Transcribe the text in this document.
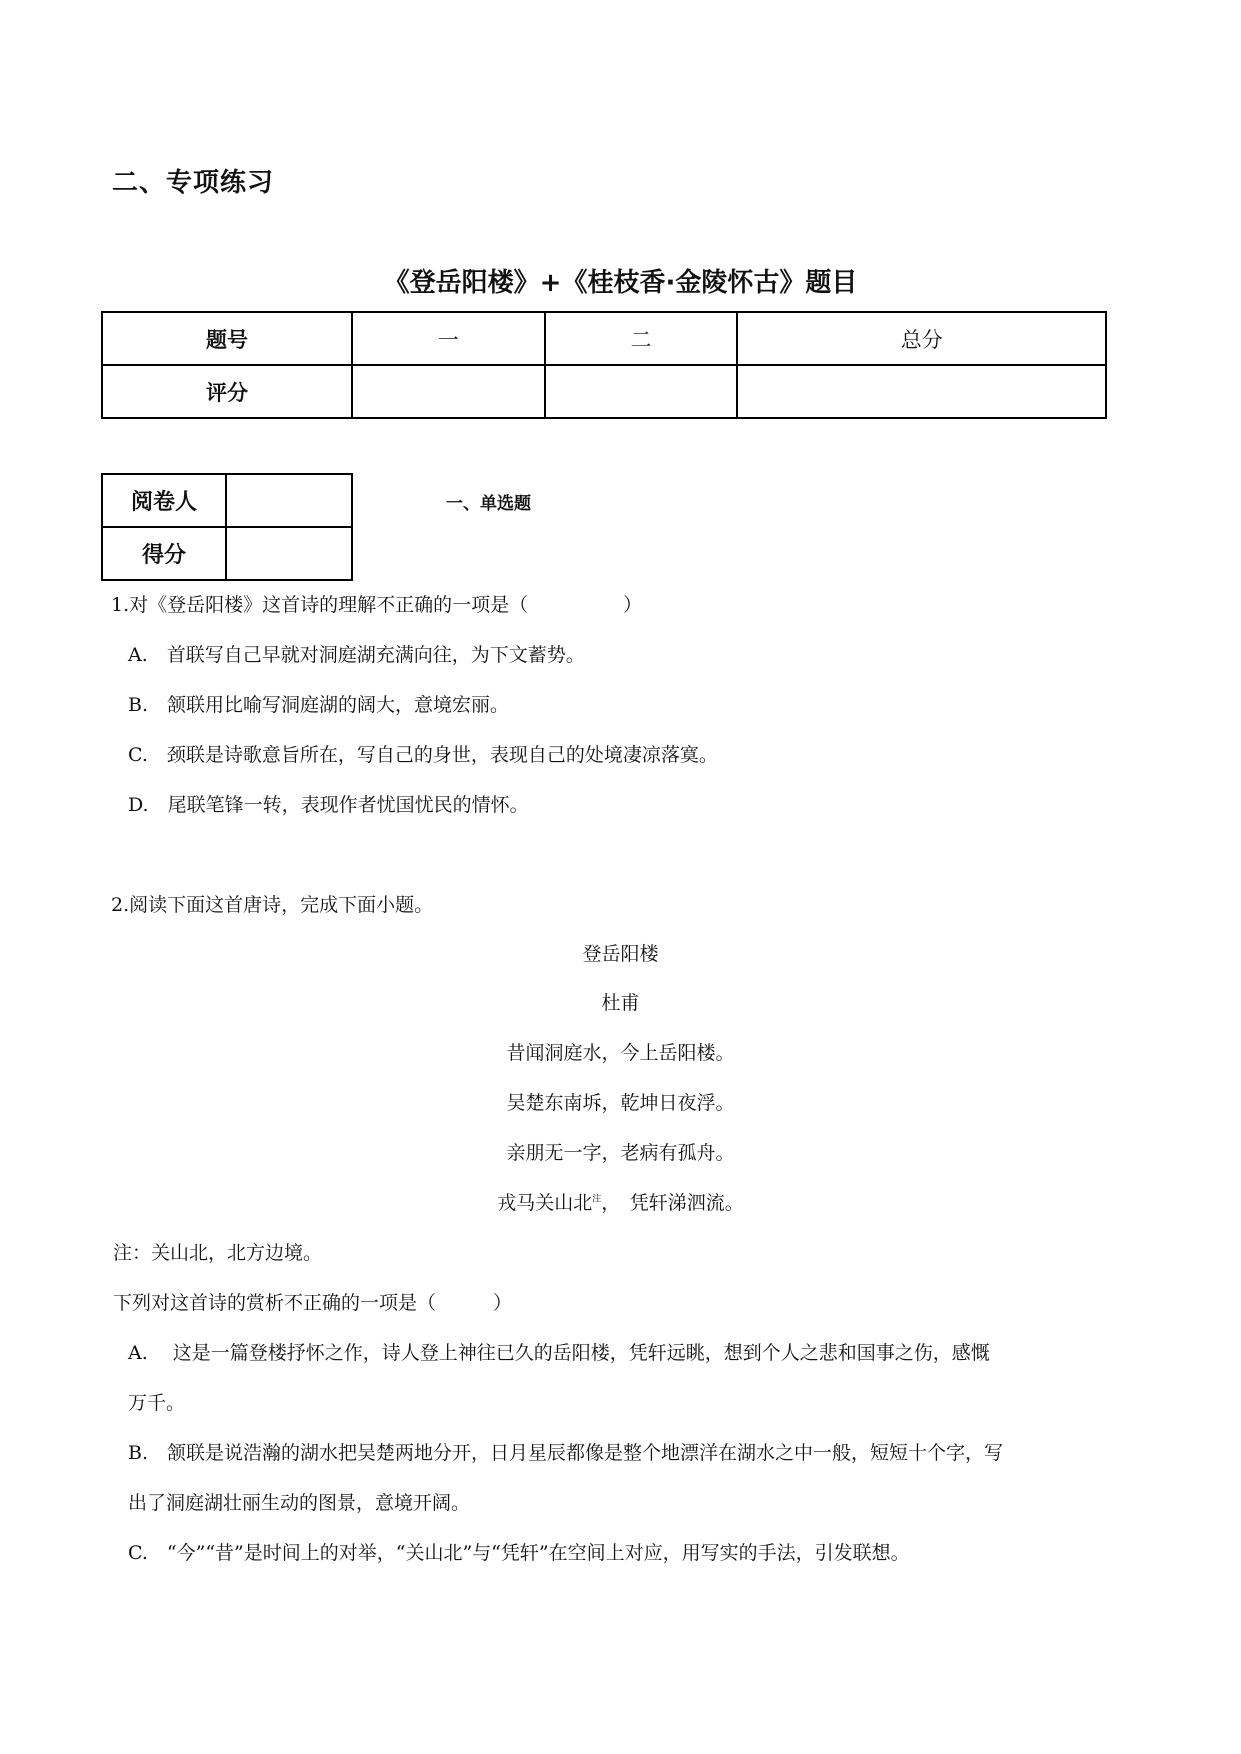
二、专项练习
《登岳阳楼》+《桂枝香·金陵怀古》题目
题号	一	二	总分
评分			
阅卷人	
得分	
一、单选题
1.对《登岳阳楼》这首诗的理解不正确的一项是（　　　　　）
A.　首联写自己早就对洞庭湖充满向往，为下文蓄势。
B.　颔联用比喻写洞庭湖的阔大，意境宏丽。
C.　颈联是诗歌意旨所在，写自己的身世，表现自己的处境凄凉落寞。
D.　尾联笔锋一转，表现作者忧国忧民的情怀。
2.阅读下面这首唐诗，完成下面小题。
登岳阳楼
杜甫
昔闻洞庭水，今上岳阳楼。
吴楚东南坼，乾坤日夜浮。
亲朋无一字，老病有孤舟。
戎马关山北$^注$，　凭轩涕泗流。
注：关山北，北方边境。
下列对这首诗的赏析不正确的一项是（　　　）
A.　 这是一篇登楼抒怀之作，诗人登上神往已久的岳阳楼，凭轩远眺，想到个人之悲和国事之伤，感慨
万千。
B.　颔联是说浩瀚的湖水把吴楚两地分开，日月星辰都像是整个地漂洋在湖水之中一般，短短十个字，写
出了洞庭湖壮丽生动的图景，意境开阔。
C.　“今”“昔”是时间上的对举，“关山北”与“凭轩”在空间上对应，用写实的手法，引发联想。
